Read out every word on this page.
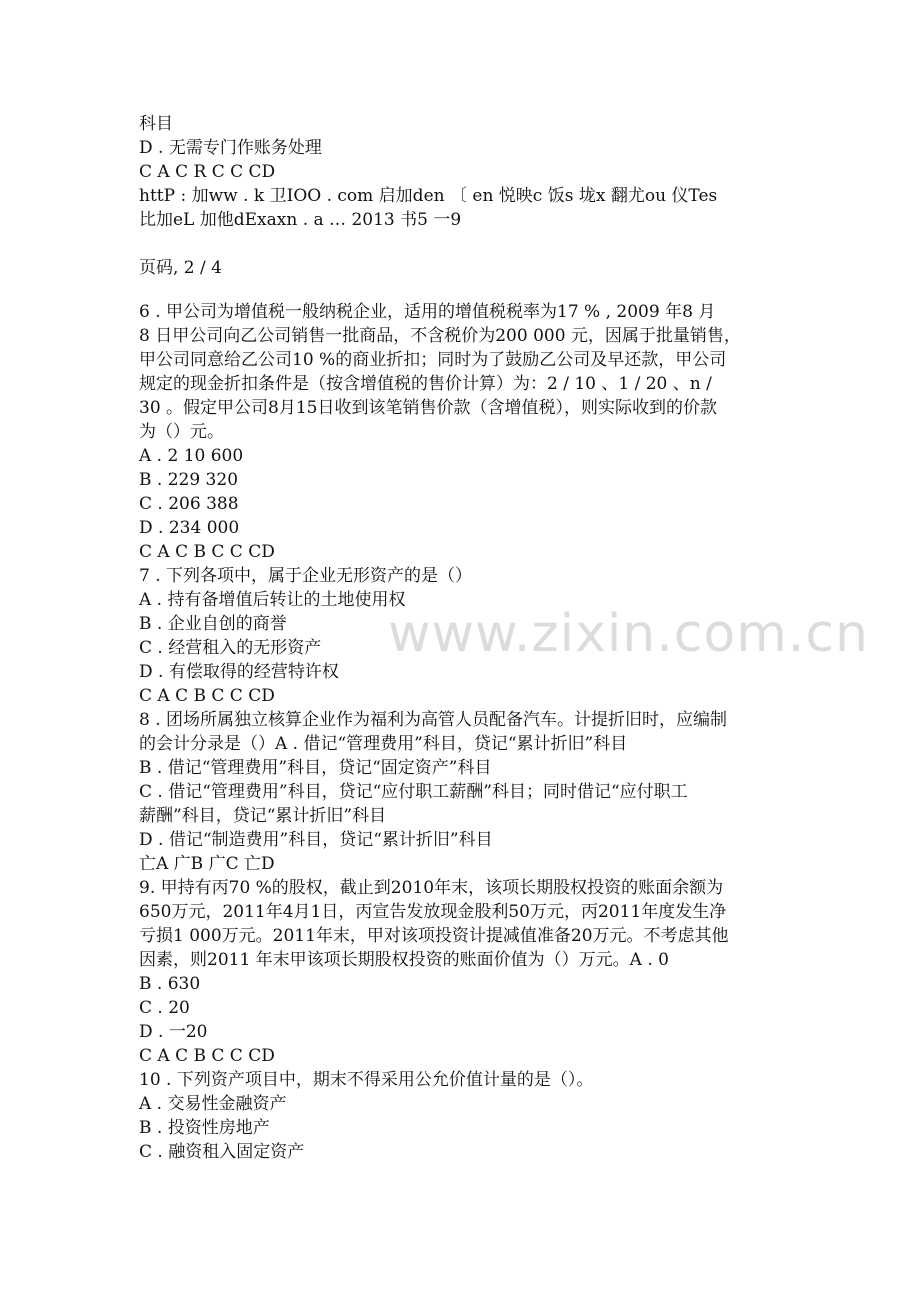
www.zixin.com.cn
科目
D . 无需专门作账务处理
C A C R C C CD
httP : 加ww . k 卫IOO . com 启加den 〔 en 悦映c 饭s 垅x 翻尤ou 仪Tes
比加eL 加他dExaxn . a … 2013 书5 一9
页码, 2 / 4
6 . 甲公司为增值税一般纳税企业，适用的增值税税率为17 % , 2009 年8 月
8 日甲公司向乙公司销售一批商品，不含税价为200 000 元，因属于批量销售，
甲公司同意给乙公司10 %的商业折扣；同时为了鼓励乙公司及早还款，甲公司
规定的现金折扣条件是（按含增值税的售价计算）为：2 / 10 、1 / 20 、n /
30 。假定甲公司8月15日收到该笔销售价款（含增值税），则实际收到的价款
为（）元。
A . 2 10 600
B . 229 320
C . 206 388
D . 234 000
C A C B C C CD
7 . 下列各项中，属于企业无形资产的是（）
A . 持有备增值后转让的土地使用权
B . 企业自创的商誉
C . 经营租入的无形资产
D . 有偿取得的经营特许权
C A C B C C CD
8 . 团场所属独立核算企业作为福利为高管人员配备汽车。计提折旧时，应编制
的会计分录是（）A . 借记“管理费用”科目，贷记“累计折旧”科目
B . 借记“管理费用”科目，贷记“固定资产”科目
C . 借记“管理费用”科目，贷记“应付职工薪酬”科目；同时借记“应付职工
薪酬”科目，贷记“累计折旧”科目
D . 借记“制造费用”科目，贷记“累计折旧”科目
亡A 广B 广C 亡D
9. 甲持有丙70 %的股权，截止到2010年末，该项长期股权投资的账面余额为
650万元，2011年4月1日，丙宣告发放现金股利50万元，丙2011年度发生净
亏损1 000万元。2011年末，甲对该项投资计提减值准备20万元。不考虑其他
因素，则2011 年末甲该项长期股权投资的账面价值为（）万元。A . 0
B . 630
C . 20
D . 一20
C A C B C C CD
10 . 下列资产项目中，期末不得采用公允价值计量的是（）。
A . 交易性金融资产
B . 投资性房地产
C . 融资租入固定资产
